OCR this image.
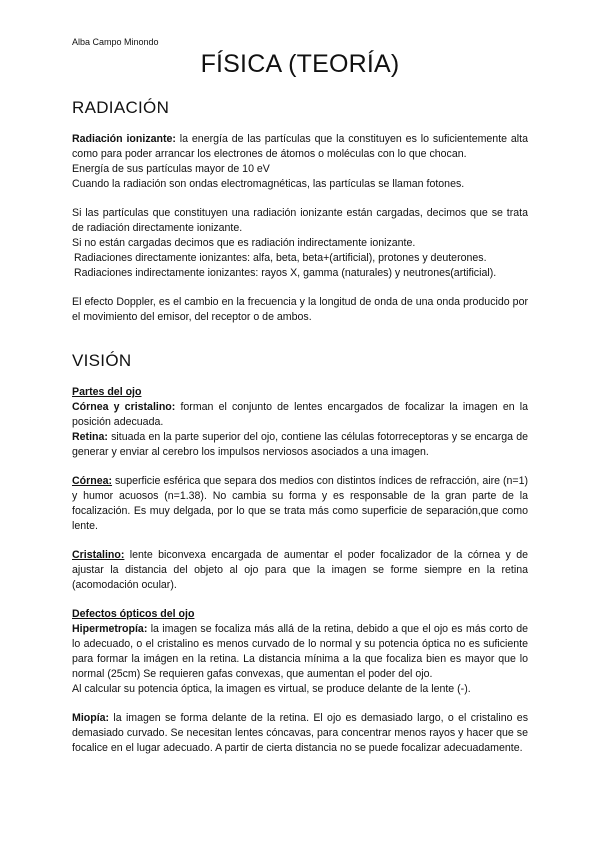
Alba Campo Minondo
FÍSICA (TEORÍA)
RADIACIÓN

Radiación ionizante: la energía de las partículas que la constituyen es lo suficientemente alta como para poder arrancar los electrones de átomos o moléculas con lo que chocan.

Energía de sus partículas mayor de 10 eV

Cuando la radiación son ondas electromagnéticas, las partículas se llaman fotones.

Si las partículas que constituyen una radiación ionizante están cargadas, decimos que se trata de radiación directamente ionizante.

Si no están cargadas decimos que es radiación indirectamente ionizante.

Radiaciones directamente ionizantes: alfa, beta, beta+(artificial), protones y deuterones.

Radiaciones indirectamente ionizantes: rayos X, gamma (naturales) y neutrones(artificial).

El efecto Doppler, es el cambio en la frecuencia y la longitud de onda de una onda producido por el movimiento del emisor, del receptor o de ambos.

VISIÓN

Partes del ojo

Córnea y cristalino: forman el conjunto de lentes encargados de focalizar la imagen en la posición adecuada.

Retina: situada en la parte superior del ojo, contiene las células fotorreceptoras y se encarga de generar y enviar al cerebro los impulsos nerviosos asociados a una imagen.

Córnea: superficie esférica que separa dos medios con distintos índices de refracción, aire (n=1) y humor acuosos (n=1.38). No cambia su forma y es responsable de la gran parte de la focalización. Es muy delgada, por lo que se trata más como superficie de separación,que como lente.

Cristalino: lente biconvexa encargada de aumentar el poder focalizador de la córnea y de ajustar la distancia del objeto al ojo para que la imagen se forme siempre en la retina (acomodación ocular).

Defectos ópticos del ojo

Hipermetropía: la imagen se focaliza más allá de la retina, debido a que el ojo es más corto de lo adecuado, o el cristalino es menos curvado de lo normal y su potencia óptica no es suficiente para formar la imágen en la retina. La distancia mínima a la que focaliza bien es mayor que lo normal (25cm) Se requieren gafas convexas, que aumentan el poder del ojo.

Al calcular su potencia óptica, la imagen es virtual, se produce delante de la lente (-).

Miopía: la imagen se forma delante de la retina. El ojo es demasiado largo, o el cristalino es demasiado curvado. Se necesitan lentes cóncavas, para concentrar menos rayos y hacer que se focalice en el lugar adecuado. A partir de cierta distancia no se puede focalizar adecuadamente.
